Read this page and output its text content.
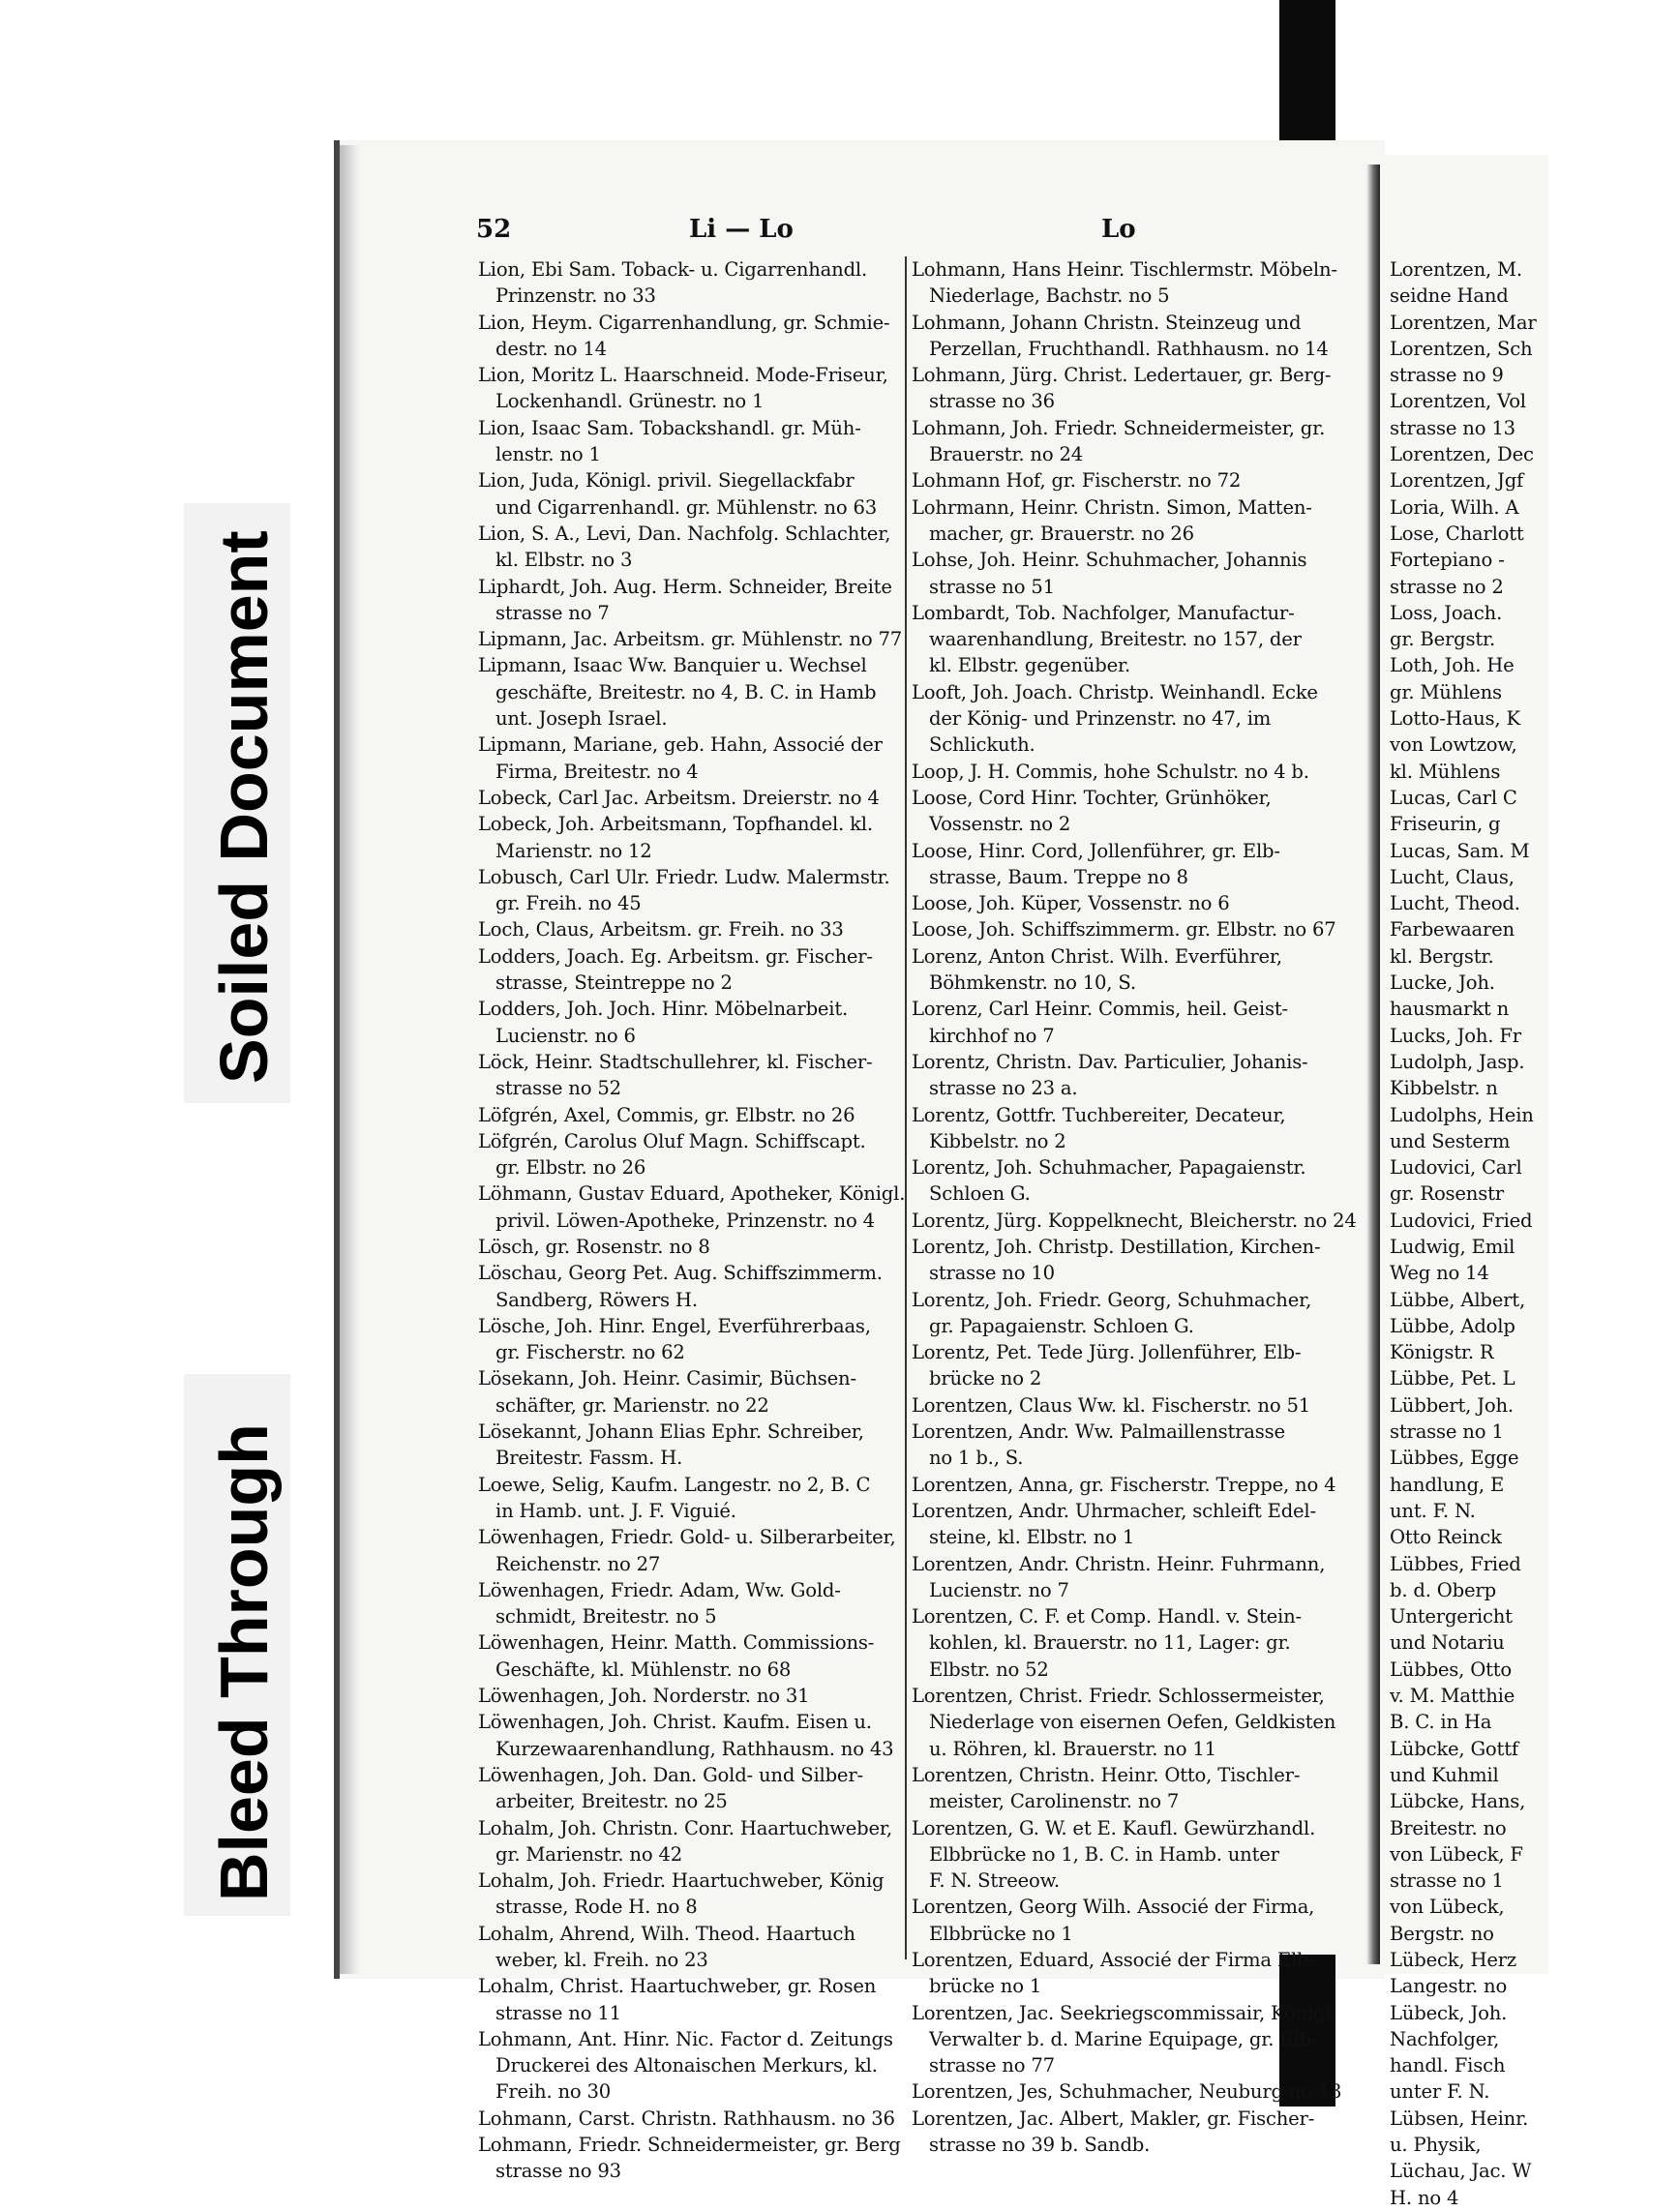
Soiled Document
Bleed Through
52	Li — Lo	Lo
Lion, Ebi Sam. Toback- u. Cigarrenhandl.
Prinzenstr. no 33
Lion, Heym. Cigarrenhandlung, gr. Schmie-
destr. no 14
Lion, Moritz L. Haarschneid. Mode-Friseur,
Lockenhandl. Grünestr. no 1
Lion, Isaac Sam. Tobackshandl. gr. Müh-
lenstr. no 1
Lion, Juda, Königl. privil. Siegellackfabr
und Cigarrenhandl. gr. Mühlenstr. no 63
Lion, S. A., Levi, Dan. Nachfolg. Schlachter,
kl. Elbstr. no 3
Liphardt, Joh. Aug. Herm. Schneider, Breite
strasse no 7
Lipmann, Jac. Arbeitsm. gr. Mühlenstr. no 77
Lipmann, Isaac Ww. Banquier u. Wechsel
geschäfte, Breitestr. no 4, B. C. in Hamb
unt. Joseph Israel.
Lipmann, Mariane, geb. Hahn, Associé der
Firma, Breitestr. no 4
Lobeck, Carl Jac. Arbeitsm. Dreierstr. no 4
Lobeck, Joh. Arbeitsmann, Topfhandel. kl.
Marienstr. no 12
Lobusch, Carl Ulr. Friedr. Ludw. Malermstr.
gr. Freih. no 45
Loch, Claus, Arbeitsm. gr. Freih. no 33
Lodders, Joach. Eg. Arbeitsm. gr. Fischer-
strasse, Steintreppe no 2
Lodders, Joh. Joch. Hinr. Möbelnarbeit.
Lucienstr. no 6
Löck, Heinr. Stadtschullehrer, kl. Fischer-
strasse no 52
Löfgrén, Axel, Commis, gr. Elbstr. no 26
Löfgrén, Carolus Oluf Magn. Schiffscapt.
gr. Elbstr. no 26
Löhmann, Gustav Eduard, Apotheker, Königl.
privil. Löwen-Apotheke, Prinzenstr. no 4
Lösch, gr. Rosenstr. no 8
Löschau, Georg Pet. Aug. Schiffszimmerm.
Sandberg, Röwers H.
Lösche, Joh. Hinr. Engel, Everführerbaas,
gr. Fischerstr. no 62
Lösekann, Joh. Heinr. Casimir, Büchsen-
schäfter, gr. Marienstr. no 22
Lösekannt, Johann Elias Ephr. Schreiber,
Breitestr. Fassm. H.
Loewe, Selig, Kaufm. Langestr. no 2, B. C
in Hamb. unt. J. F. Viguié.
Löwenhagen, Friedr. Gold- u. Silberarbeiter,
Reichenstr. no 27
Löwenhagen, Friedr. Adam, Ww. Gold-
schmidt, Breitestr. no 5
Löwenhagen, Heinr. Matth. Commissions-
Geschäfte, kl. Mühlenstr. no 68
Löwenhagen, Joh. Norderstr. no 31
Löwenhagen, Joh. Christ. Kaufm. Eisen u.
Kurzewaarenhandlung, Rathhausm. no 43
Löwenhagen, Joh. Dan. Gold- und Silber-
arbeiter, Breitestr. no 25
Lohalm, Joh. Christn. Conr. Haartuchweber,
gr. Marienstr. no 42
Lohalm, Joh. Friedr. Haartuchweber, König
strasse, Rode H. no 8
Lohalm, Ahrend, Wilh. Theod. Haartuch
weber, kl. Freih. no 23
Lohalm, Christ. Haartuchweber, gr. Rosen
strasse no 11
Lohmann, Ant. Hinr. Nic. Factor d. Zeitungs
Druckerei des Altonaischen Merkurs, kl.
Freih. no 30
Lohmann, Carst. Christn. Rathhausm. no 36
Lohmann, Friedr. Schneidermeister, gr. Berg
strasse no 93
Lohmann, Hans Heinr. Tischlermstr. Möbeln-
Niederlage, Bachstr. no 5
Lohmann, Johann Christn. Steinzeug und
Perzellan, Fruchthandl. Rathhausm. no 14
Lohmann, Jürg. Christ. Ledertauer, gr. Berg-
strasse no 36
Lohmann, Joh. Friedr. Schneidermeister, gr.
Brauerstr. no 24
Lohmann Hof, gr. Fischerstr. no 72
Lohrmann, Heinr. Christn. Simon, Matten-
macher, gr. Brauerstr. no 26
Lohse, Joh. Heinr. Schuhmacher, Johannis
strasse no 51
Lombardt, Tob. Nachfolger, Manufactur-
waarenhandlung, Breitestr. no 157, der
kl. Elbstr. gegenüber.
Looft, Joh. Joach. Christp. Weinhandl. Ecke
der König- und Prinzenstr. no 47, im
Schlickuth.
Loop, J. H. Commis, hohe Schulstr. no 4 b.
Loose, Cord Hinr. Tochter, Grünhöker,
Vossenstr. no 2
Loose, Hinr. Cord, Jollenführer, gr. Elb-
strasse, Baum. Treppe no 8
Loose, Joh. Küper, Vossenstr. no 6
Loose, Joh. Schiffszimmerm. gr. Elbstr. no 67
Lorenz, Anton Christ. Wilh. Everführer,
Böhmkenstr. no 10, S.
Lorenz, Carl Heinr. Commis, heil. Geist-
kirchhof no 7
Lorentz, Christn. Dav. Particulier, Johanis-
strasse no 23 a.
Lorentz, Gottfr. Tuchbereiter, Decateur,
Kibbelstr. no 2
Lorentz, Joh. Schuhmacher, Papagaienstr.
Schloen G.
Lorentz, Jürg. Koppelknecht, Bleicherstr. no 24
Lorentz, Joh. Christp. Destillation, Kirchen-
strasse no 10
Lorentz, Joh. Friedr. Georg, Schuhmacher,
gr. Papagaienstr. Schloen G.
Lorentz, Pet. Tede Jürg. Jollenführer, Elb-
brücke no 2
Lorentzen, Claus Ww. kl. Fischerstr. no 51
Lorentzen, Andr. Ww. Palmaillenstrasse
no 1 b., S.
Lorentzen, Anna, gr. Fischerstr. Treppe, no 4
Lorentzen, Andr. Uhrmacher, schleift Edel-
steine, kl. Elbstr. no 1
Lorentzen, Andr. Christn. Heinr. Fuhrmann,
Lucienstr. no 7
Lorentzen, C. F. et Comp. Handl. v. Stein-
kohlen, kl. Brauerstr. no 11, Lager: gr.
Elbstr. no 52
Lorentzen, Christ. Friedr. Schlossermeister,
Niederlage von eisernen Oefen, Geldkisten
u. Röhren, kl. Brauerstr. no 11
Lorentzen, Christn. Heinr. Otto, Tischler-
meister, Carolinenstr. no 7
Lorentzen, G. W. et E. Kaufl. Gewürzhandl.
Elbbrücke no 1, B. C. in Hamb. unter
F. N. Streeow.
Lorentzen, Georg Wilh. Associé der Firma,
Elbbrücke no 1
Lorentzen, Eduard, Associé der Firma Elb-
brücke no 1
Lorentzen, Jac. Seekriegscommissair, Königl.
Verwalter b. d. Marine Equipage, gr. Elb-
strasse no 77
Lorentzen, Jes, Schuhmacher, Neuburg no 13
Lorentzen, Jac. Albert, Makler, gr. Fischer-
strasse no 39 b. Sandb.
Lorentzen, M.
seidne Hand
Lorentzen, Mar
Lorentzen, Sch
strasse no 9
Lorentzen, Vol
strasse no 13
Lorentzen, Dec
Lorentzen, Jgf
Loria, Wilh. A
Lose, Charlott
Fortepiano -
strasse no 2
Loss, Joach.
gr. Bergstr.
Loth, Joh. He
gr. Mühlens
Lotto-Haus, K
von Lowtzow,
kl. Mühlens
Lucas, Carl C
Friseurin, g
Lucas, Sam. M
Lucht, Claus,
Lucht, Theod.
Farbewaaren
kl. Bergstr.
Lucke, Joh.
hausmarkt n
Lucks, Joh. Fr
Ludolph, Jasp.
Kibbelstr. n
Ludolphs, Hein
und Sesterm
Ludovici, Carl
gr. Rosenstr
Ludovici, Fried
Ludwig, Emil
Weg no 14
Lübbe, Albert,
Lübbe, Adolp
Königstr. R
Lübbe, Pet. L
Lübbert, Joh.
strasse no 1
Lübbes, Egge
handlung, E
unt. F. N.
Otto Reinck
Lübbes, Fried
b. d. Oberp
Untergericht
und Notariu
Lübbes, Otto
v. M. Matthie
B. C. in Ha
Lübcke, Gottf
und Kuhmil
Lübcke, Hans,
Breitestr. no
von Lübeck, F
strasse no 1
von Lübeck,
Bergstr. no
Lübeck, Herz
Langestr. no
Lübeck, Joh.
Nachfolger,
handl. Fisch
unter F. N.
Lübsen, Heinr.
u. Physik,
Lüchau, Jac. W
H. no 4
